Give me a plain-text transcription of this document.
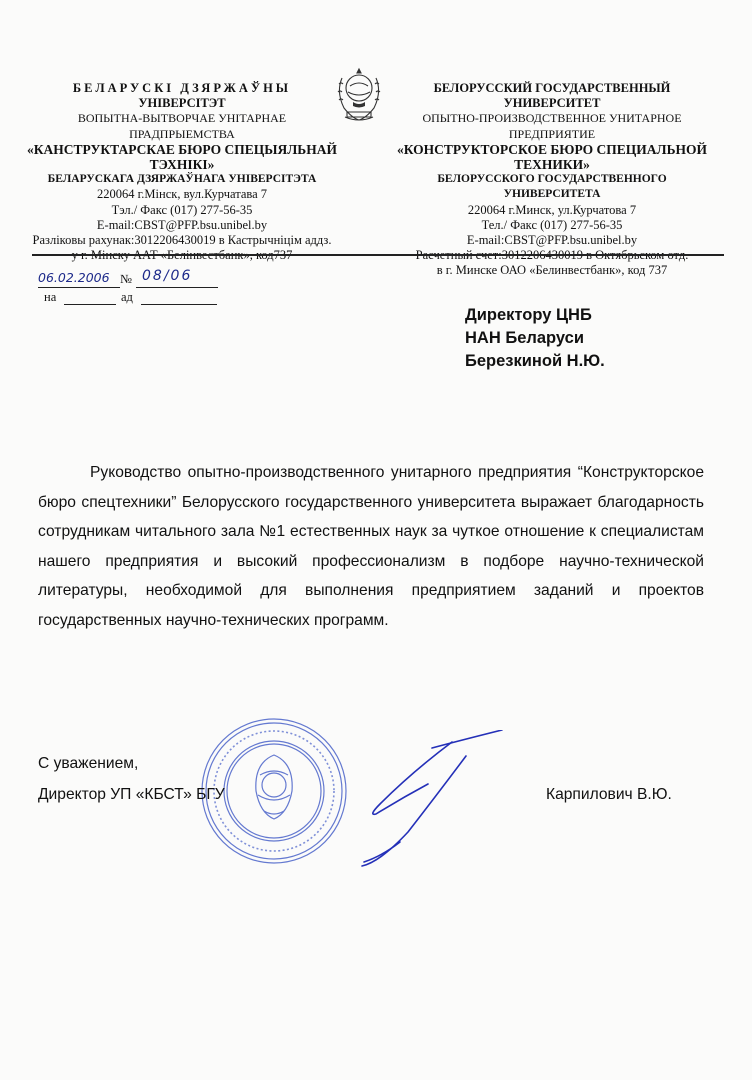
БЕЛАРУСКІ ДЗЯРЖАЎНЫ
УНІВЕРСІТЭТ
ВОПЫТНА-ВЫТВОРЧАЕ УНІТАРНАЕ
ПРАДПРЫЕМСТВА
«КАНСТРУКТАРСКАЕ БЮРО СПЕЦЫЯЛЬНАЙ
ТЭХНІКІ»
БЕЛАРУСКАГА ДЗЯРЖАЎНАГА УНІВЕРСІТЭТА
220064 г.Мінск, вул.Курчатава 7
Тэл./ Факс (017) 277-56-35
E-mail:CBST@PFP.bsu.unibel.by
Разліковы рахунак:3012206430019 в Кастрычніцім аддз.
у г. Мінску ААТ «Белінвестбанк», код737
БЕЛОРУССКИЙ ГОСУДАРСТВЕННЫЙ
УНИВЕРСИТЕТ
ОПЫТНО-ПРОИЗВОДСТВЕННОЕ УНИТАРНОЕ
ПРЕДПРИЯТИЕ
«КОНСТРУКТОРСКОЕ БЮРО СПЕЦИАЛЬНОЙ
ТЕХНИКИ»
БЕЛОРУССКОГО ГОСУДАРСТВЕННОГО УНИВЕРСИТЕТА
220064 г.Минск, ул.Курчатова 7
Тел./ Факс (017) 277-56-35
E-mail:CBST@PFP.bsu.unibel.by
Расчетный счет:3012206430019 в Октябрьском отд.
в г. Минске ОАО «Белинвестбанк», код 737
06.02.2006 № 08/06
на	ад
Директору ЦНБ
НАН Беларуси
Березкиной Н.Ю.

Руководство опытно-производственного унитарного предприятия “Конструкторское бюро спецтехники” Белорусского государственного университета выражает благодарность сотрудникам читального зала №1 естественных наук за чуткое отношение к специалистам нашего предприятия и высокий профессионализм в подборе научно-технической литературы, необходимой для выполнения предприятием заданий и проектов государственных научно-технических программ.

С уважением,
Директор УП «КБСТ» БГУ	Карпилович В.Ю.
